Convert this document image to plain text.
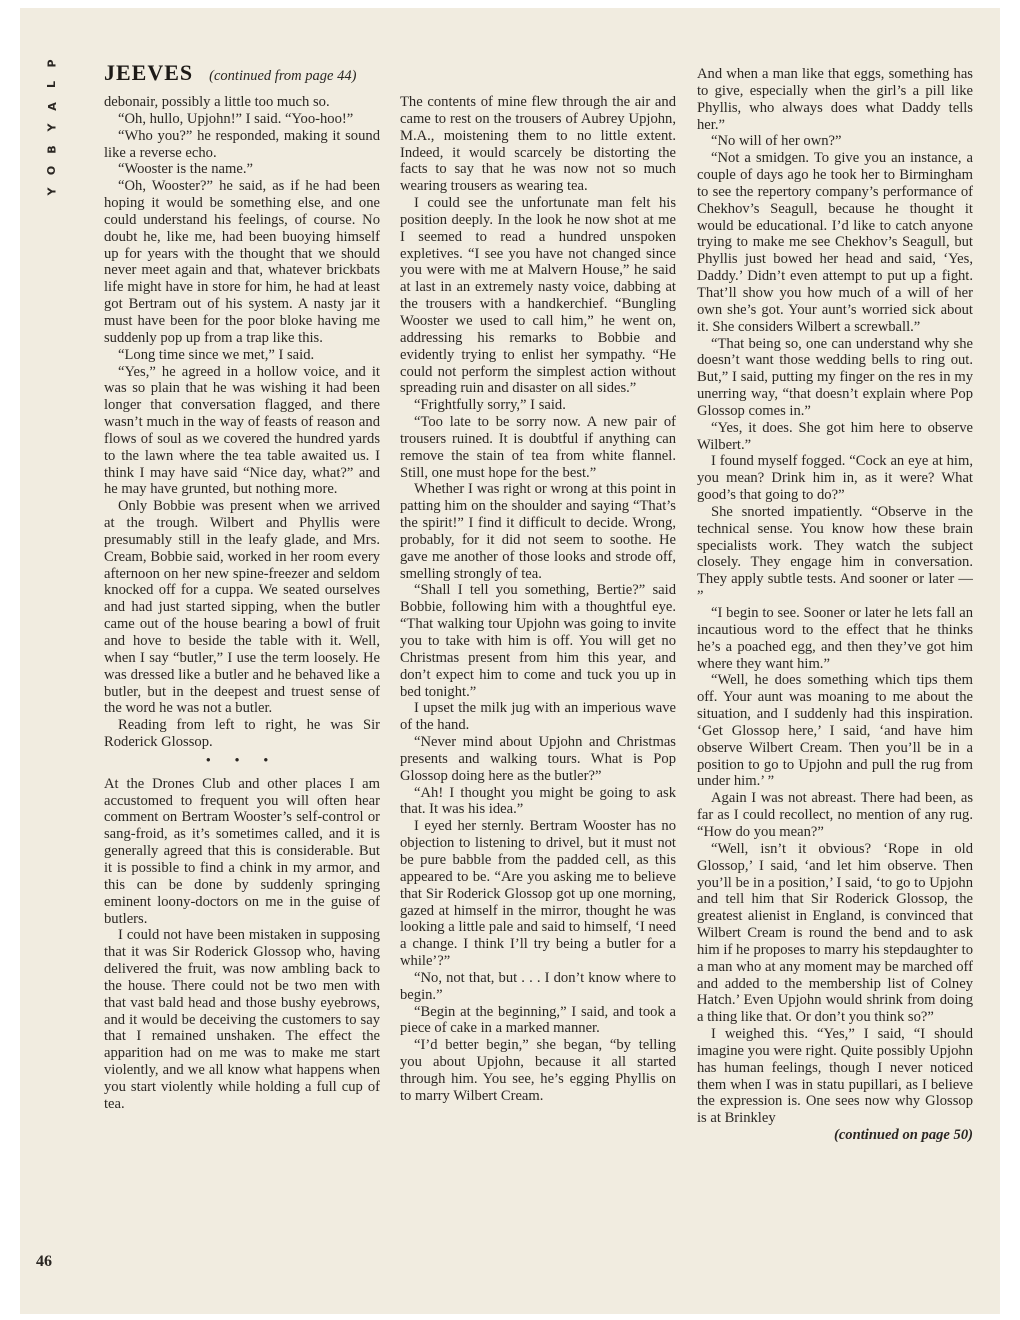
P
L
A
Y
B
O
Y
JEEVES (continued from page 44)

debonair, possibly a little too much so.

“Oh, hullo, Upjohn!” I said. “Yoo-hoo!”

“Who you?” he responded, making it sound like a reverse echo.

“Wooster is the name.”

“Oh, Wooster?” he said, as if he had been hoping it would be something else, and one could understand his feelings, of course. No doubt he, like me, had been buoying himself up for years with the thought that we should never meet again and that, whatever brickbats life might have in store for him, he had at least got Bertram out of his system. A nasty jar it must have been for the poor bloke having me suddenly pop up from a trap like this.

“Long time since we met,” I said.

“Yes,” he agreed in a hollow voice, and it was so plain that he was wishing it had been longer that conversation flagged, and there wasn’t much in the way of feasts of reason and flows of soul as we covered the hundred yards to the lawn where the tea table awaited us. I think I may have said “Nice day, what?” and he may have grunted, but nothing more.

Only Bobbie was present when we arrived at the trough. Wilbert and Phyllis were presumably still in the leafy glade, and Mrs. Cream, Bobbie said, worked in her room every afternoon on her new spine-freezer and seldom knocked off for a cuppa. We seated ourselves and had just started sipping, when the butler came out of the house bearing a bowl of fruit and hove to beside the table with it. Well, when I say “butler,” I use the term loosely. He was dressed like a butler and he behaved like a butler, but in the deepest and truest sense of the word he was not a butler.

Reading from left to right, he was Sir Roderick Glossop.

• • •

At the Drones Club and other places I am accustomed to frequent you will often hear comment on Bertram Wooster’s self-control or sang-froid, as it’s sometimes called, and it is generally agreed that this is considerable. But it is possible to find a chink in my armor, and this can be done by suddenly springing eminent loony-doctors on me in the guise of butlers.

I could not have been mistaken in supposing that it was Sir Roderick Glossop who, having delivered the fruit, was now ambling back to the house. There could not be two men with that vast bald head and those bushy eyebrows, and it would be deceiving the customers to say that I remained unshaken. The effect the apparition had on me was to make me start violently, and we all know what happens when you start violently while holding a full cup of tea.

The contents of mine flew through the air and came to rest on the trousers of Aubrey Upjohn, M.A., moistening them to no little extent. Indeed, it would scarcely be distorting the facts to say that he was now not so much wearing trousers as wearing tea.

I could see the unfortunate man felt his position deeply. In the look he now shot at me I seemed to read a hundred unspoken expletives. “I see you have not changed since you were with me at Malvern House,” he said at last in an extremely nasty voice, dabbing at the trousers with a handkerchief. “Bungling Wooster we used to call him,” he went on, addressing his remarks to Bobbie and evidently trying to enlist her sympathy. “He could not perform the simplest action without spreading ruin and disaster on all sides.”

“Frightfully sorry,” I said.

“Too late to be sorry now. A new pair of trousers ruined. It is doubtful if anything can remove the stain of tea from white flannel. Still, one must hope for the best.”

Whether I was right or wrong at this point in patting him on the shoulder and saying “That’s the spirit!” I find it difficult to decide. Wrong, probably, for it did not seem to soothe. He gave me another of those looks and strode off, smelling strongly of tea.

“Shall I tell you something, Bertie?” said Bobbie, following him with a thoughtful eye. “That walking tour Upjohn was going to invite you to take with him is off. You will get no Christmas present from him this year, and don’t expect him to come and tuck you up in bed tonight.”

I upset the milk jug with an imperious wave of the hand.

“Never mind about Upjohn and Christmas presents and walking tours. What is Pop Glossop doing here as the butler?”

“Ah! I thought you might be going to ask that. It was his idea.”

I eyed her sternly. Bertram Wooster has no objection to listening to drivel, but it must not be pure babble from the padded cell, as this appeared to be. “Are you asking me to believe that Sir Roderick Glossop got up one morning, gazed at himself in the mirror, thought he was looking a little pale and said to himself, ‘I need a change. I think I’ll try being a butler for a while’?”

“No, not that, but . . . I don’t know where to begin.”

“Begin at the beginning,” I said, and took a piece of cake in a marked manner.

“I’d better begin,” she began, “by telling you about Upjohn, because it all started through him. You see, he’s egging Phyllis on to marry Wilbert Cream.

And when a man like that eggs, something has to give, especially when the girl’s a pill like Phyllis, who always does what Daddy tells her.”

“No will of her own?”

“Not a smidgen. To give you an instance, a couple of days ago he took her to Birmingham to see the repertory company’s performance of Chekhov’s Seagull, because he thought it would be educational. I’d like to catch anyone trying to make me see Chekhov’s Seagull, but Phyllis just bowed her head and said, ‘Yes, Daddy.’ Didn’t even attempt to put up a fight. That’ll show you how much of a will of her own she’s got. Your aunt’s worried sick about it. She considers Wilbert a screwball.”

“That being so, one can understand why she doesn’t want those wedding bells to ring out. But,” I said, putting my finger on the res in my unerring way, “that doesn’t explain where Pop Glossop comes in.”

“Yes, it does. She got him here to observe Wilbert.”

I found myself fogged. “Cock an eye at him, you mean? Drink him in, as it were? What good’s that going to do?”

She snorted impatiently. “Observe in the technical sense. You know how these brain specialists work. They watch the subject closely. They engage him in conversation. They apply subtle tests. And sooner or later — ”

“I begin to see. Sooner or later he lets fall an incautious word to the effect that he thinks he’s a poached egg, and then they’ve got him where they want him.”

“Well, he does something which tips them off. Your aunt was moaning to me about the situation, and I suddenly had this inspiration. ‘Get Glossop here,’ I said, ‘and have him observe Wilbert Cream. Then you’ll be in a position to go to Upjohn and pull the rug from under him.’ ”

Again I was not abreast. There had been, as far as I could recollect, no mention of any rug. “How do you mean?”

“Well, isn’t it obvious? ‘Rope in old Glossop,’ I said, ‘and let him observe. Then you’ll be in a position,’ I said, ‘to go to Upjohn and tell him that Sir Roderick Glossop, the greatest alienist in England, is convinced that Wilbert Cream is round the bend and to ask him if he proposes to marry his stepdaughter to a man who at any moment may be marched off and added to the membership list of Colney Hatch.’ Even Upjohn would shrink from doing a thing like that. Or don’t you think so?”

I weighed this. “Yes,” I said, “I should imagine you were right. Quite possibly Upjohn has human feelings, though I never noticed them when I was in statu pupillari, as I believe the expression is. One sees now why Glossop is at Brinkley

(continued on page 50)

46
